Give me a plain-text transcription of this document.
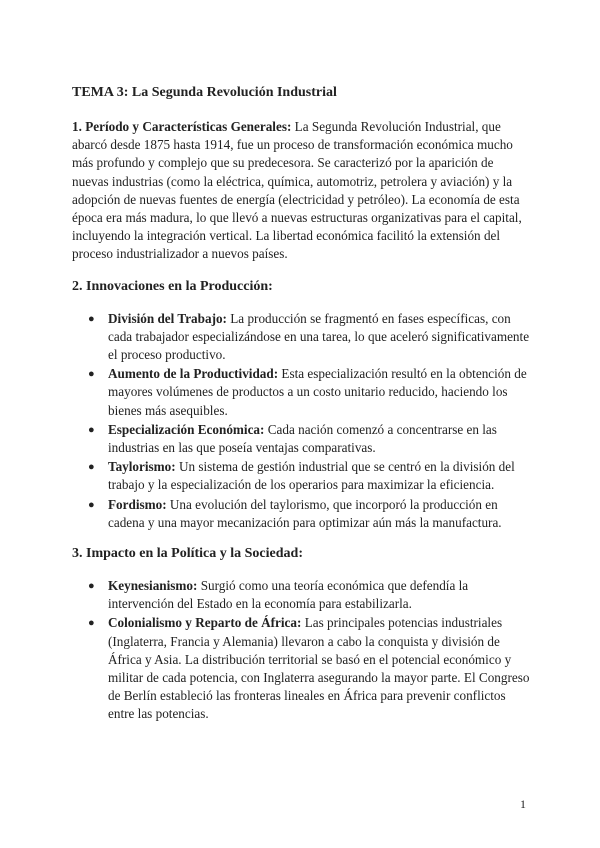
TEMA 3: La Segunda Revolución Industrial

1. Período y Características Generales: La Segunda Revolución Industrial, que abarcó desde 1875 hasta 1914, fue un proceso de transformación económica mucho más profundo y complejo que su predecesora. Se caracterizó por la aparición de nuevas industrias (como la eléctrica, química, automotriz, petrolera y aviación) y la adopción de nuevas fuentes de energía (electricidad y petróleo). La economía de esta época era más madura, lo que llevó a nuevas estructuras organizativas para el capital, incluyendo la integración vertical. La libertad económica facilitó la extensión del proceso industrializador a nuevos países.

2. Innovaciones en la Producción:

● División del Trabajo: La producción se fragmentó en fases específicas, con cada trabajador especializándose en una tarea, lo que aceleró significativamente el proceso productivo.
● Aumento de la Productividad: Esta especialización resultó en la obtención de mayores volúmenes de productos a un costo unitario reducido, haciendo los bienes más asequibles.
● Especialización Económica: Cada nación comenzó a concentrarse en las industrias en las que poseía ventajas comparativas.
● Taylorismo: Un sistema de gestión industrial que se centró en la división del trabajo y la especialización de los operarios para maximizar la eficiencia.
● Fordismo: Una evolución del taylorismo, que incorporó la producción en cadena y una mayor mecanización para optimizar aún más la manufactura.

3. Impacto en la Política y la Sociedad:

● Keynesianismo: Surgió como una teoría económica que defendía la intervención del Estado en la economía para estabilizarla.
● Colonialismo y Reparto de África: Las principales potencias industriales (Inglaterra, Francia y Alemania) llevaron a cabo la conquista y división de África y Asia. La distribución territorial se basó en el potencial económico y militar de cada potencia, con Inglaterra asegurando la mayor parte. El Congreso de Berlín estableció las fronteras lineales en África para prevenir conflictos entre las potencias.
1
